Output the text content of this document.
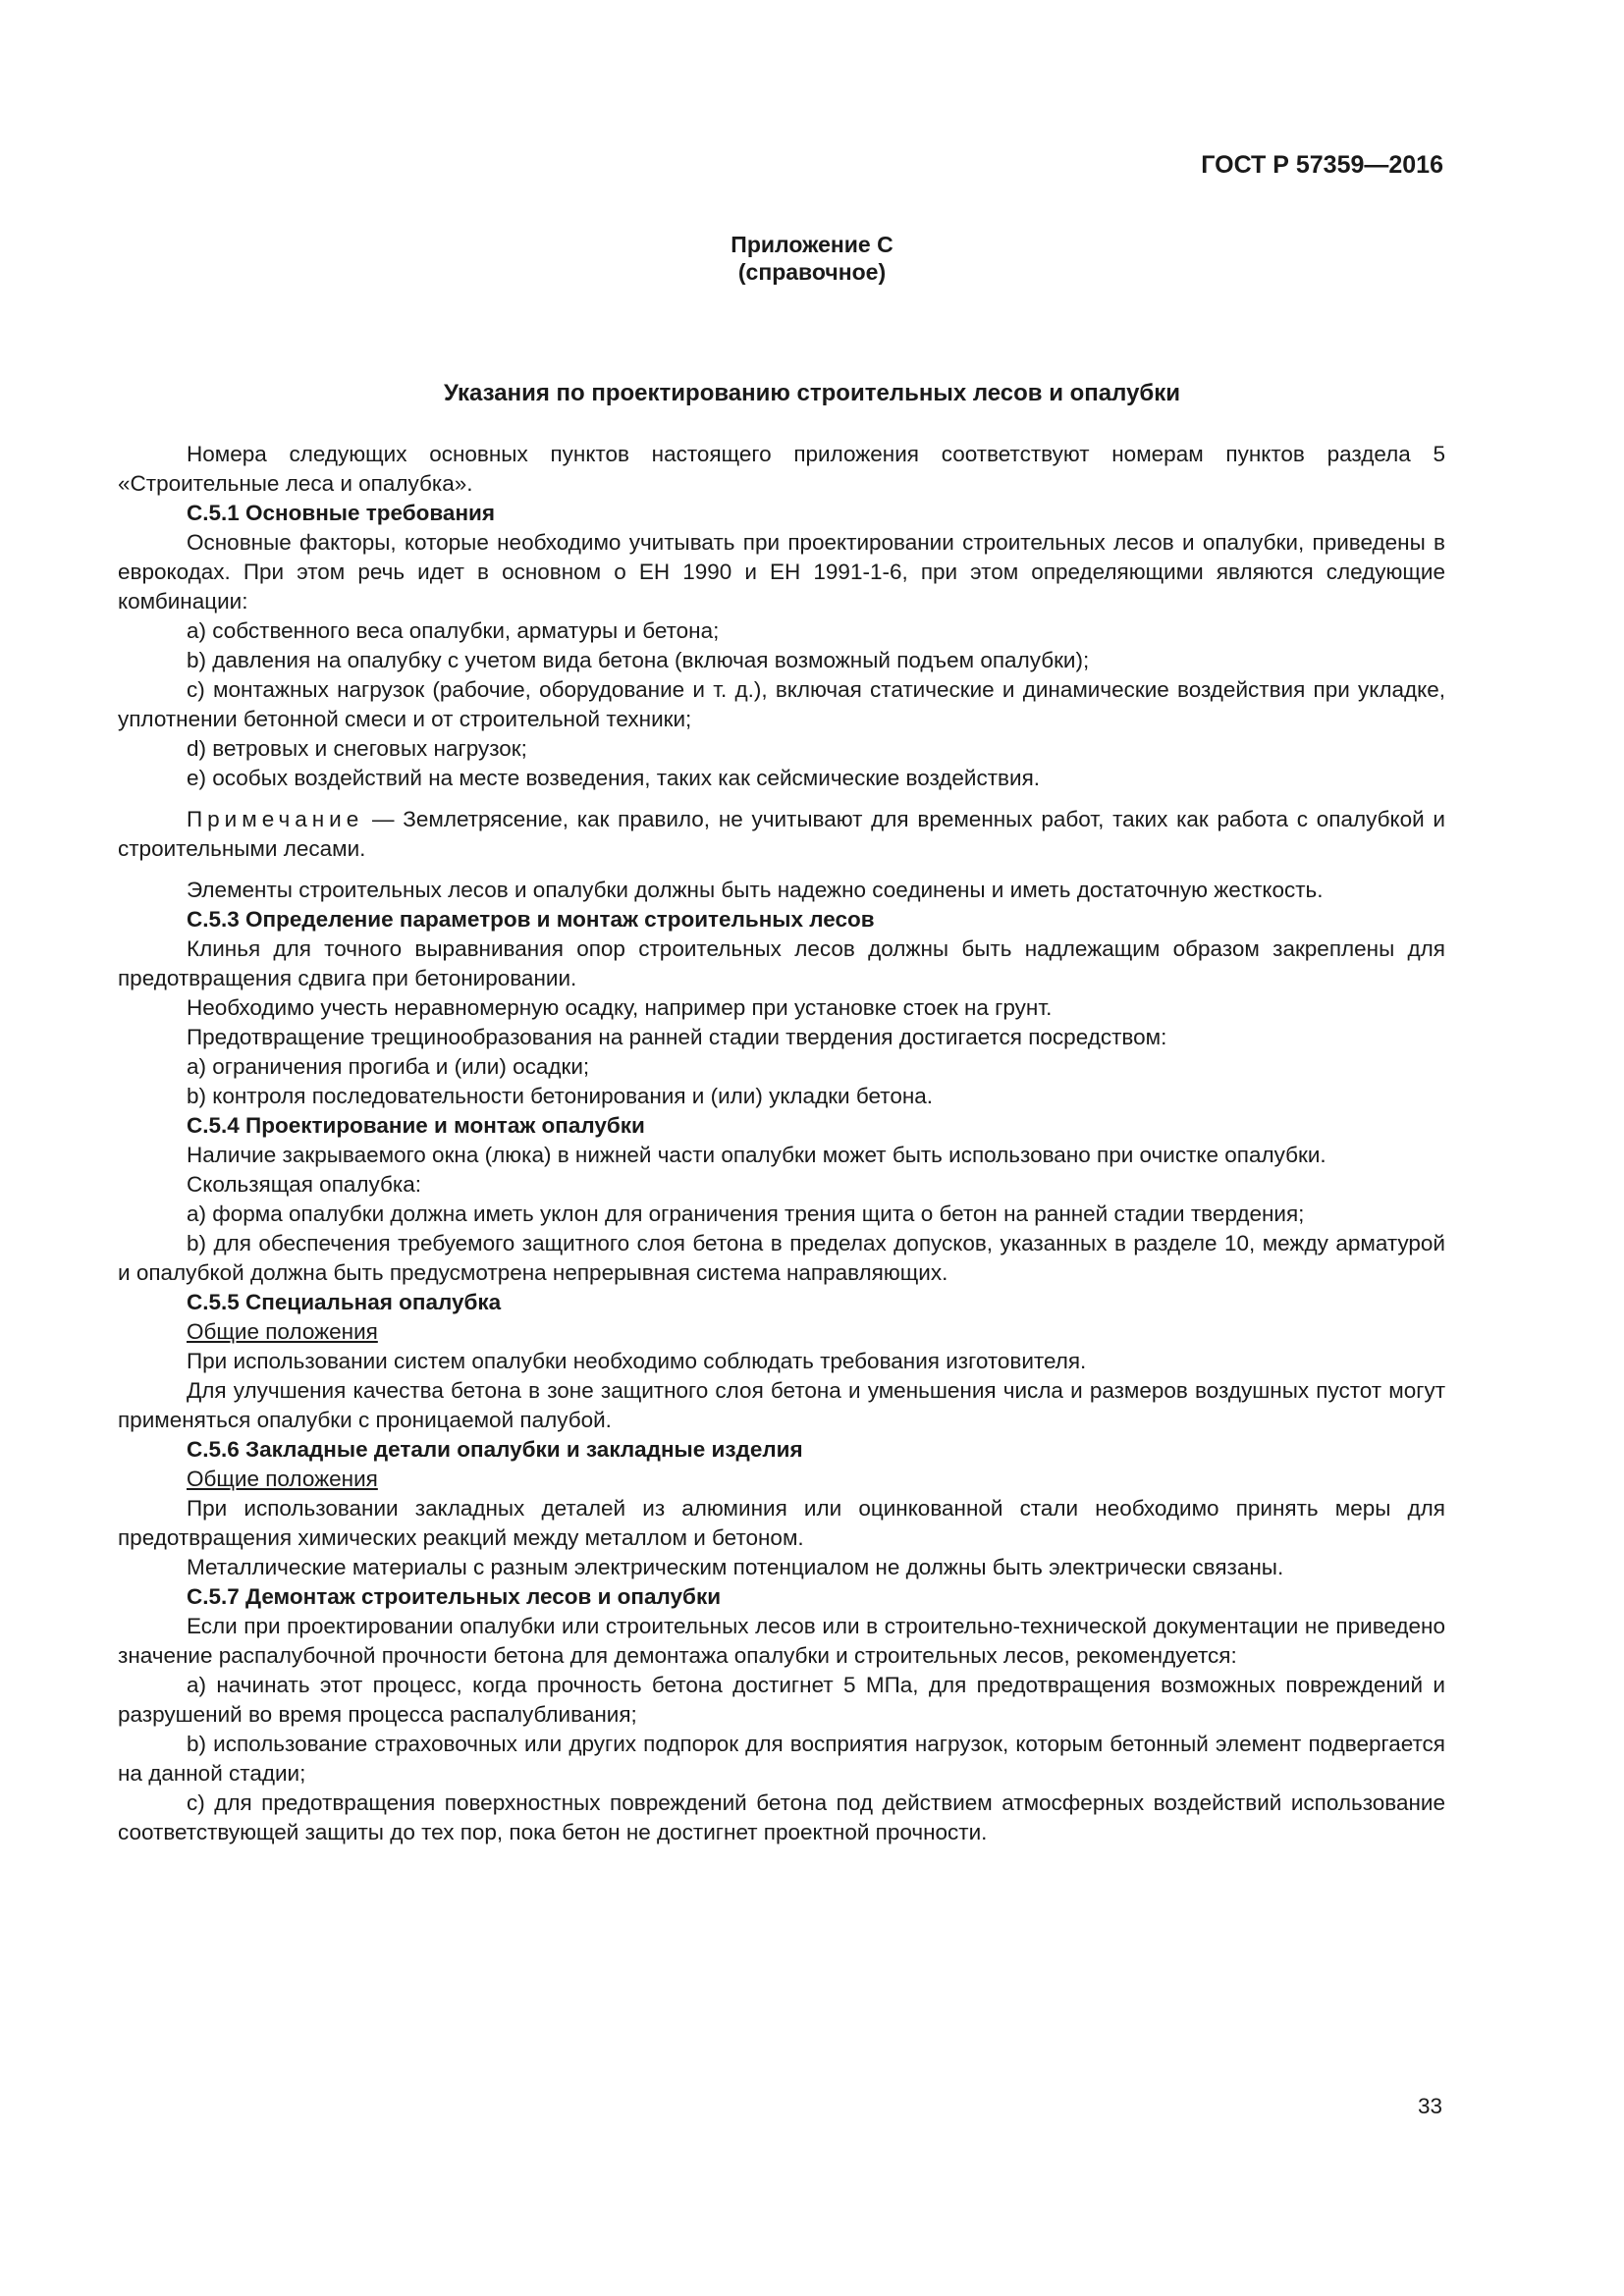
ГОСТ Р 57359—2016

Приложение С

(справочное)

Указания по проектированию строительных лесов и опалубки

Номера следующих основных пунктов настоящего приложения соответствуют номерам пунктов раздела 5 «Строительные леса и опалубка».

С.5.1 Основные требования

Основные факторы, которые необходимо учитывать при проектировании строительных лесов и опалубки, приведены в еврокодах. При этом речь идет в основном о ЕН 1990 и ЕН 1991-1-6, при этом определяющими являются следующие комбинации:

а) собственного веса опалубки, арматуры и бетона;

b) давления на опалубку с учетом вида бетона (включая возможный подъем опалубки);

c) монтажных нагрузок (рабочие, оборудование и т. д.), включая статические и динамические воздействия при укладке, уплотнении бетонной смеси и от строительной техники;

d) ветровых и снеговых нагрузок;

e) особых воздействий на месте возведения, таких как сейсмические воздействия.

Примечание — Землетрясение, как правило, не учитывают для временных работ, таких как работа с опалубкой и строительными лесами.

Элементы строительных лесов и опалубки должны быть надежно соединены и иметь достаточную жесткость.

С.5.3 Определение параметров и монтаж строительных лесов

Клинья для точного выравнивания опор строительных лесов должны быть надлежащим образом закреплены для предотвращения сдвига при бетонировании.

Необходимо учесть неравномерную осадку, например при установке стоек на грунт.

Предотвращение трещинообразования на ранней стадии твердения достигается посредством:

а) ограничения прогиба и (или) осадки;

b) контроля последовательности бетонирования и (или) укладки бетона.

С.5.4 Проектирование и монтаж опалубки

Наличие закрываемого окна (люка) в нижней части опалубки может быть использовано при очистке опалубки.

Скользящая опалубка:

а) форма опалубки должна иметь уклон для ограничения трения щита о бетон на ранней стадии твердения;

b) для обеспечения требуемого защитного слоя бетона в пределах допусков, указанных в разделе 10, между арматурой и опалубкой должна быть предусмотрена непрерывная система направляющих.

С.5.5 Специальная опалубка

Общие положения

При использовании систем опалубки необходимо соблюдать требования изготовителя.

Для улучшения качества бетона в зоне защитного слоя бетона и уменьшения числа и размеров воздушных пустот могут применяться опалубки с проницаемой палубой.

С.5.6 Закладные детали опалубки и закладные изделия

Общие положения

При использовании закладных деталей из алюминия или оцинкованной стали необходимо принять меры для предотвращения химических реакций между металлом и бетоном.

Металлические материалы с разным электрическим потенциалом не должны быть электрически связаны.

С.5.7 Демонтаж строительных лесов и опалубки

Если при проектировании опалубки или строительных лесов или в строительно-технической документации не приведено значение распалубочной прочности бетона для демонтажа опалубки и строительных лесов, рекомендуется:

a) начинать этот процесс, когда прочность бетона достигнет 5 МПа, для предотвращения возможных повреждений и разрушений во время процесса распалубливания;

b) использование страховочных или других подпорок для восприятия нагрузок, которым бетонный элемент подвергается на данной стадии;

c) для предотвращения поверхностных повреждений бетона под действием атмосферных воздействий использование соответствующей защиты до тех пор, пока бетон не достигнет проектной прочности.

33
